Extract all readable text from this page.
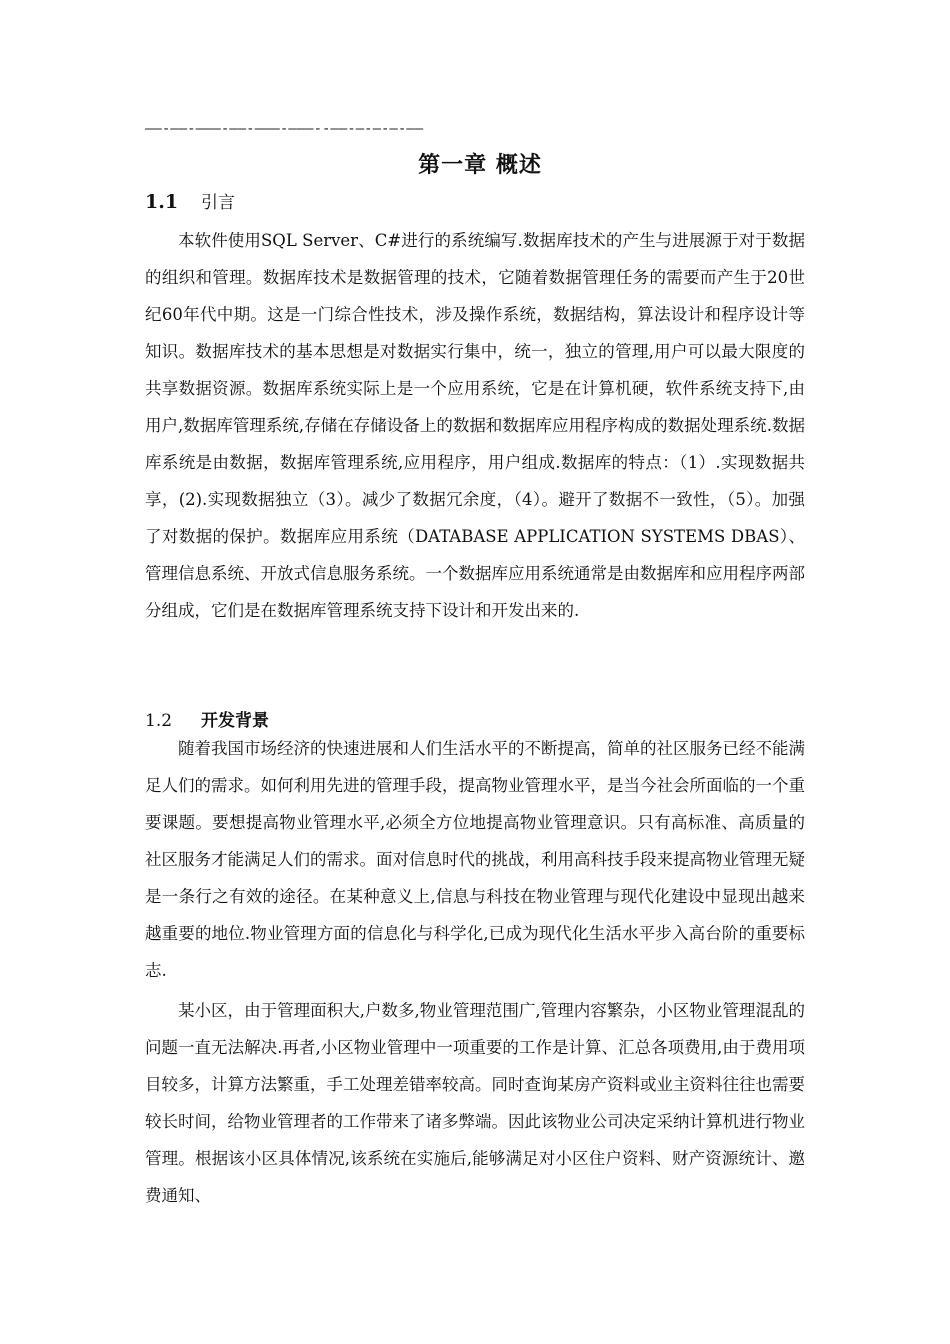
——-——-———-——-———-———--——-—-—-—-——
第一章 概述
1.1 引言

本软件使用SQL Server、C#进行的系统编写.数据库技术的产生与进展源于对于数据的组织和管理。数据库技术是数据管理的技术，它随着数据管理任务的需要而产生于20世纪60年代中期。这是一门综合性技术，涉及操作系统，数据结构，算法设计和程序设计等知识。数据库技术的基本思想是对数据实行集中，统一，独立的管理,用户可以最大限度的共享数据资源。数据库系统实际上是一个应用系统，它是在计算机硬，软件系统支持下,由用户,数据库管理系统,存储在存储设备上的数据和数据库应用程序构成的数据处理系统.数据库系统是由数据，数据库管理系统,应用程序，用户组成.数据库的特点：（1）.实现数据共享，(2).实现数据独立（3）。减少了数据冗余度，（4）。避开了数据不一致性，（5）。加强了对数据的保护。数据库应用系统（DATABASE APPLICATION SYSTEMS DBAS）、管理信息系统、开放式信息服务系统。一个数据库应用系统通常是由数据库和应用程序两部分组成，它们是在数据库管理系统支持下设计和开发出来的.

1.2 开发背景

随着我国市场经济的快速进展和人们生活水平的不断提高，简单的社区服务已经不能满足人们的需求。如何利用先进的管理手段，提高物业管理水平，是当今社会所面临的一个重要课题。要想提高物业管理水平,必须全方位地提高物业管理意识。只有高标准、高质量的社区服务才能满足人们的需求。面对信息时代的挑战，利用高科技手段来提高物业管理无疑是一条行之有效的途径。在某种意义上,信息与科技在物业管理与现代化建设中显现出越来越重要的地位.物业管理方面的信息化与科学化,已成为现代化生活水平步入高台阶的重要标志.

某小区，由于管理面积大,户数多,物业管理范围广,管理内容繁杂，小区物业管理混乱的问题一直无法解决.再者,小区物业管理中一项重要的工作是计算、汇总各项费用,由于费用项目较多，计算方法繁重，手工处理差错率较高。同时查询某房产资料或业主资料往往也需要较长时间，给物业管理者的工作带来了诸多弊端。因此该物业公司决定采纳计算机进行物业管理。根据该小区具体情况,该系统在实施后,能够满足对小区住户资料、财产资源统计、邀费通知、
